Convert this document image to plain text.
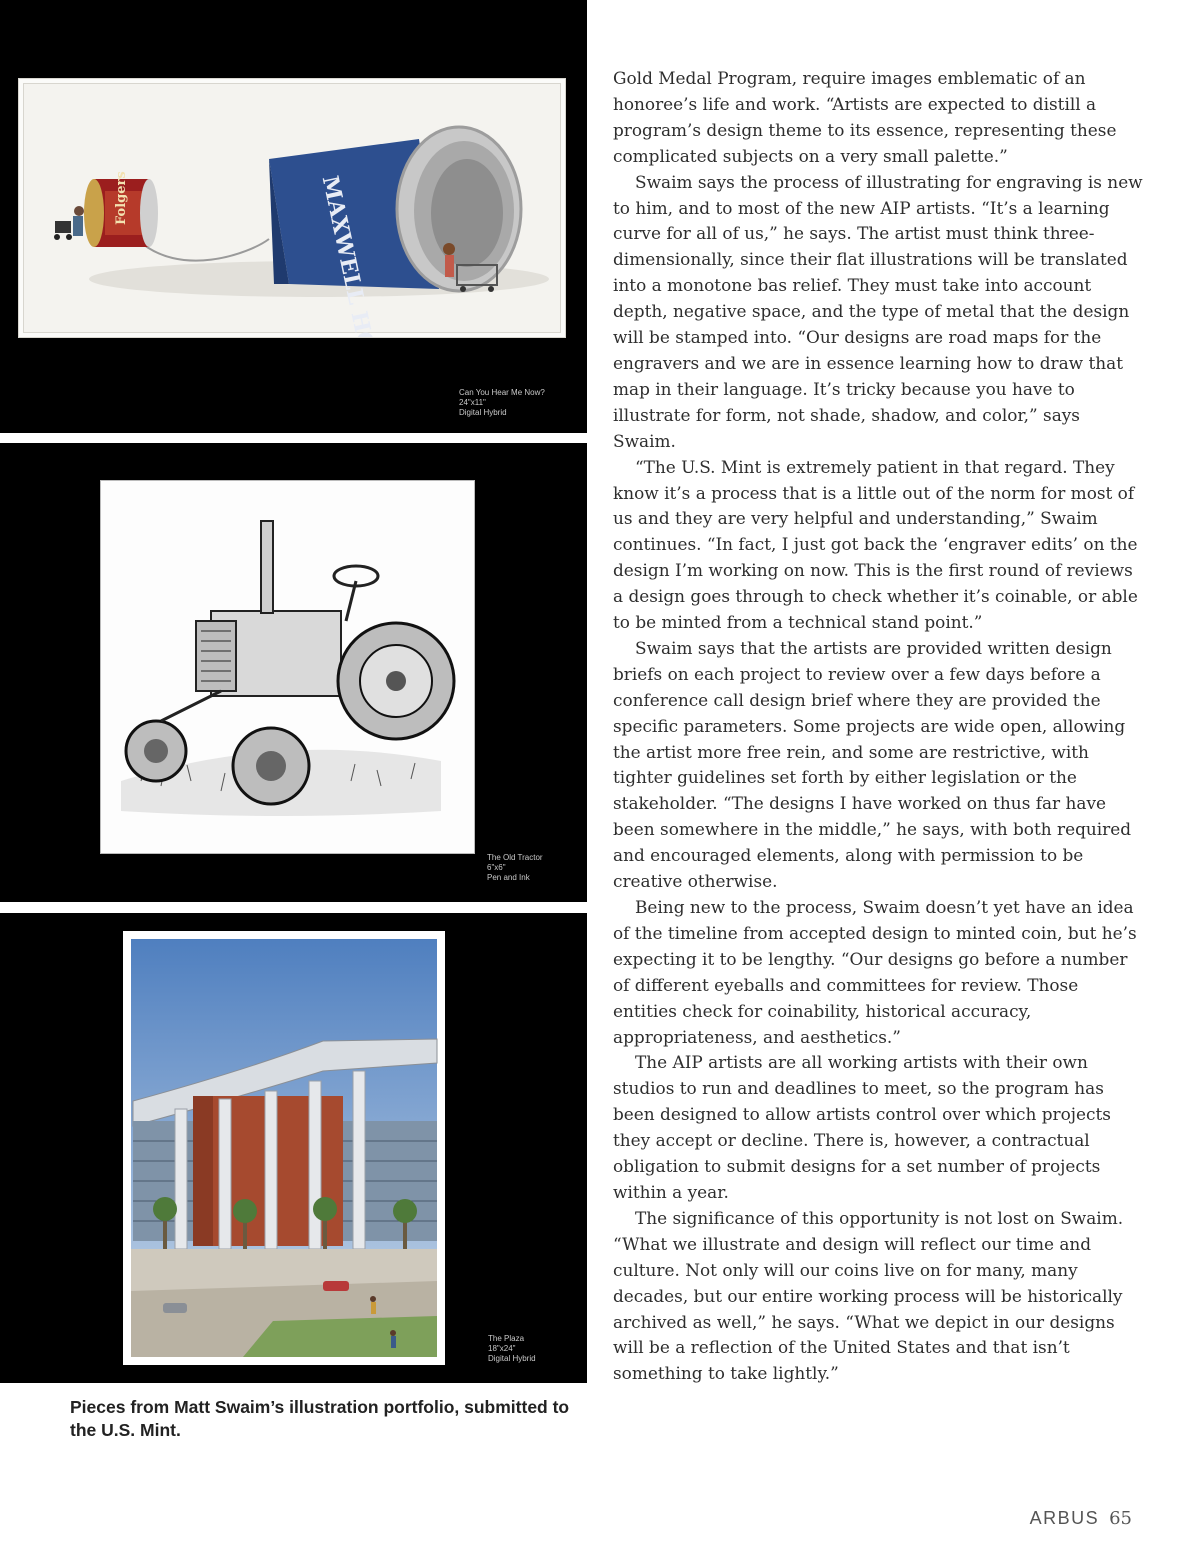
Folgers	MAXWELL HOUSE	Can You Hear Me Now?
24"x11"
Digital Hybrid
The Old Tractor
6"x6"
Pen and Ink
The Plaza
18"x24"
Digital Hybrid
Pieces from Matt Swaim’s illustration portfolio, submitted to the U.S. Mint.

Gold Medal Program, require images emblematic of an honoree’s life and work. “Artists are expected to distill a program’s design theme to its essence, representing these complicated subjects on a very small palette.”

Swaim says the process of illustrating for engraving is new to him, and to most of the new AIP artists. “It’s a learning curve for all of us,” he says. The artist must think three-dimensionally, since their flat illustrations will be translated into a monotone bas relief. They must take into account depth, negative space, and the type of metal that the design will be stamped into. “Our designs are road maps for the engravers and we are in essence learning how to draw that map in their language. It’s tricky because you have to illustrate for form, not shade, shadow, and color,” says Swaim.

“The U.S. Mint is extremely patient in that regard. They know it’s a process that is a little out of the norm for most of us and they are very helpful and understanding,” Swaim continues. “In fact, I just got back the ‘engraver edits’ on the design I’m working on now. This is the first round of reviews a design goes through to check whether it’s coinable, or able to be minted from a technical stand point.”

Swaim says that the artists are provided written design briefs on each project to review over a few days before a conference call design brief where they are provided the specific parameters. Some projects are wide open, allowing the artist more free rein, and some are restrictive, with tighter guidelines set forth by either legislation or the stakeholder. “The designs I have worked on thus far have been somewhere in the middle,” he says, with both required and encouraged elements, along with permission to be creative otherwise.

Being new to the process, Swaim doesn’t yet have an idea of the timeline from accepted design to minted coin, but he’s expecting it to be lengthy. “Our designs go before a number of different eyeballs and committees for review. Those entities check for coinability, historical accuracy, appropriateness, and aesthetics.”

The AIP artists are all working artists with their own studios to run and deadlines to meet, so the program has been designed to allow artists control over which projects they accept or decline. There is, however, a contractual obligation to submit designs for a set number of projects within a year.

The significance of this opportunity is not lost on Swaim. “What we illustrate and design will reflect our time and culture. Not only will our coins live on for many, many decades, but our entire working process will be historically archived as well,” he says. “What we depict in our designs will be a reflection of the United States and that isn’t something to take lightly.”

ARBUS 65
